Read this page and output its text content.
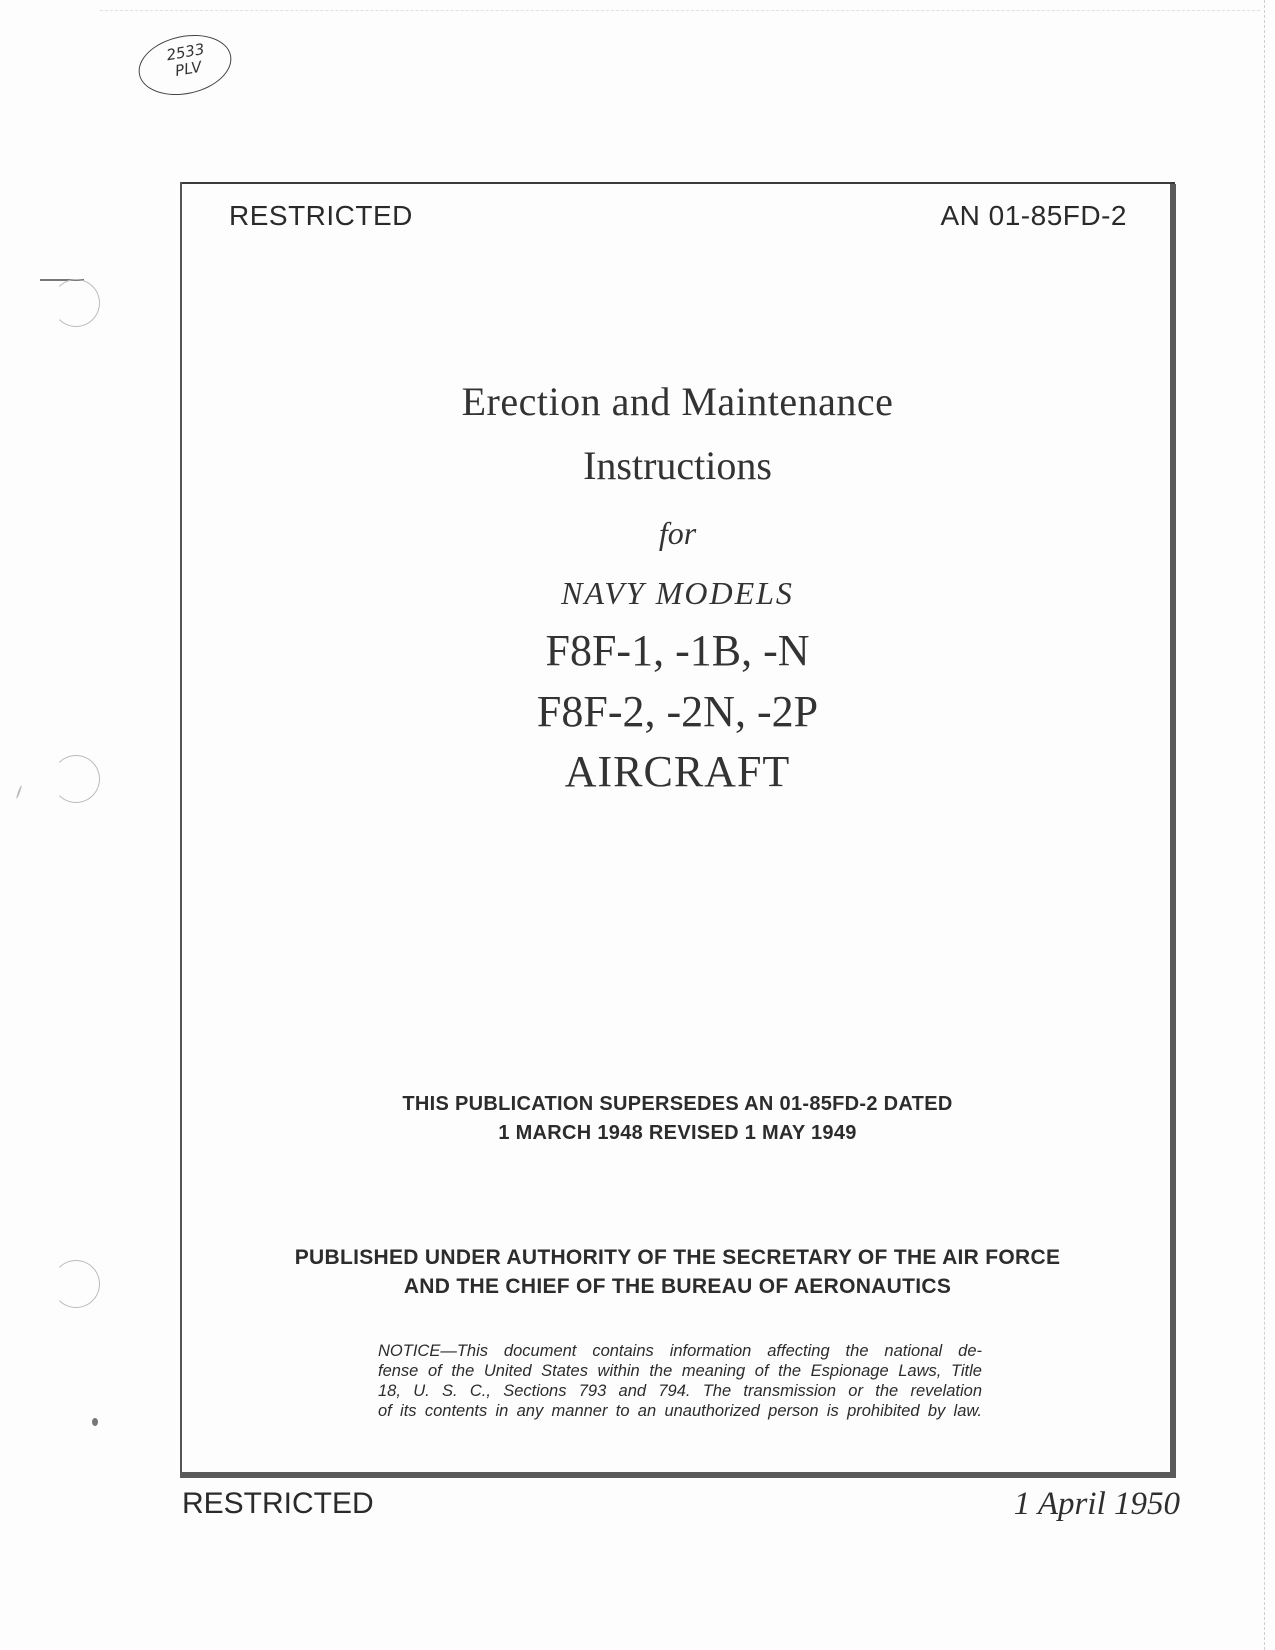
2533
PLV
RESTRICTED	AN 01-85FD-2
Erection and Maintenance
Instructions
for
NAVY MODELS
F8F-1, -1B, -N
F8F-2, -2N, -2P
AIRCRAFT
THIS PUBLICATION SUPERSEDES AN 01-85FD-2 DATED
1 MARCH 1948 REVISED 1 MAY 1949
PUBLISHED UNDER AUTHORITY OF THE SECRETARY OF THE AIR FORCE
AND THE CHIEF OF THE BUREAU OF AERONAUTICS
NOTICE—This document contains information affecting the national de-
fense of the United States within the meaning of the Espionage Laws, Title
18, U. S. C., Sections 793 and 794. The transmission or the revelation
of its contents in any manner to an unauthorized person is prohibited by law.
RESTRICTED	1 April 1950
